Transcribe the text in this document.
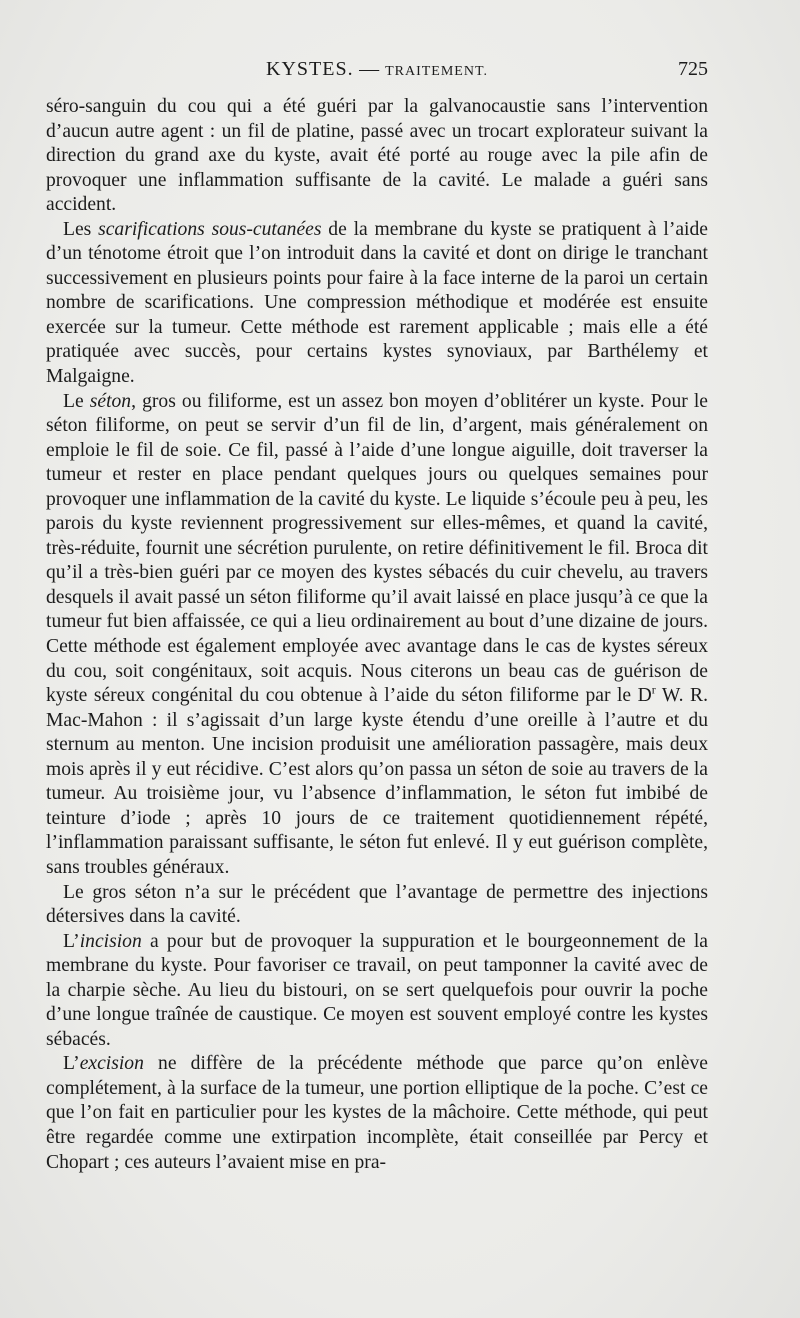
KYSTES. — TRAITEMENT.	725

séro-sanguin du cou qui a été guéri par la galvanocaustie sans l’intervention d’aucun autre agent : un fil de platine, passé avec un trocart explorateur suivant la direction du grand axe du kyste, avait été porté au rouge avec la pile afin de provoquer une inflammation suffisante de la cavité. Le malade a guéri sans accident.

Les scarifications sous-cutanées de la membrane du kyste se pratiquent à l’aide d’un ténotome étroit que l’on introduit dans la cavité et dont on dirige le tranchant successivement en plusieurs points pour faire à la face interne de la paroi un certain nombre de scarifications. Une compression méthodique et modérée est ensuite exercée sur la tumeur. Cette méthode est rarement applicable ; mais elle a été pratiquée avec succès, pour certains kystes synoviaux, par Barthélemy et Malgaigne.

Le séton, gros ou filiforme, est un assez bon moyen d’oblitérer un kyste. Pour le séton filiforme, on peut se servir d’un fil de lin, d’argent, mais généralement on emploie le fil de soie. Ce fil, passé à l’aide d’une longue aiguille, doit traverser la tumeur et rester en place pendant quelques jours ou quelques semaines pour provoquer une inflammation de la cavité du kyste. Le liquide s’écoule peu à peu, les parois du kyste reviennent progressivement sur elles-mêmes, et quand la cavité, très-réduite, fournit une sécrétion purulente, on retire définitivement le fil. Broca dit qu’il a très-bien guéri par ce moyen des kystes sébacés du cuir chevelu, au travers desquels il avait passé un séton filiforme qu’il avait laissé en place jusqu’à ce que la tumeur fut bien affaissée, ce qui a lieu ordinairement au bout d’une dizaine de jours. Cette méthode est également employée avec avantage dans le cas de kystes séreux du cou, soit congénitaux, soit acquis. Nous citerons un beau cas de guérison de kyste séreux congénital du cou obtenue à l’aide du séton filiforme par le $D^r$ W. R. Mac-Mahon : il s’agissait d’un large kyste étendu d’une oreille à l’autre et du sternum au menton. Une incision produisit une amélioration passagère, mais deux mois après il y eut récidive. C’est alors qu’on passa un séton de soie au travers de la tumeur. Au troisième jour, vu l’absence d’inflammation, le séton fut imbibé de teinture d’iode ; après 10 jours de ce traitement quotidiennement répété, l’inflammation paraissant suffisante, le séton fut enlevé. Il y eut guérison complète, sans troubles généraux.

Le gros séton n’a sur le précédent que l’avantage de permettre des injections détersives dans la cavité.

L’incision a pour but de provoquer la suppuration et le bourgeonnement de la membrane du kyste. Pour favoriser ce travail, on peut tamponner la cavité avec de la charpie sèche. Au lieu du bistouri, on se sert quelquefois pour ouvrir la poche d’une longue traînée de caustique. Ce moyen est souvent employé contre les kystes sébacés.

L’excision ne diffère de la précédente méthode que parce qu’on enlève complétement, à la surface de la tumeur, une portion elliptique de la poche. C’est ce que l’on fait en particulier pour les kystes de la mâchoire. Cette méthode, qui peut être regardée comme une extirpation incomplète, était conseillée par Percy et Chopart ; ces auteurs l’avaient mise en pra-
